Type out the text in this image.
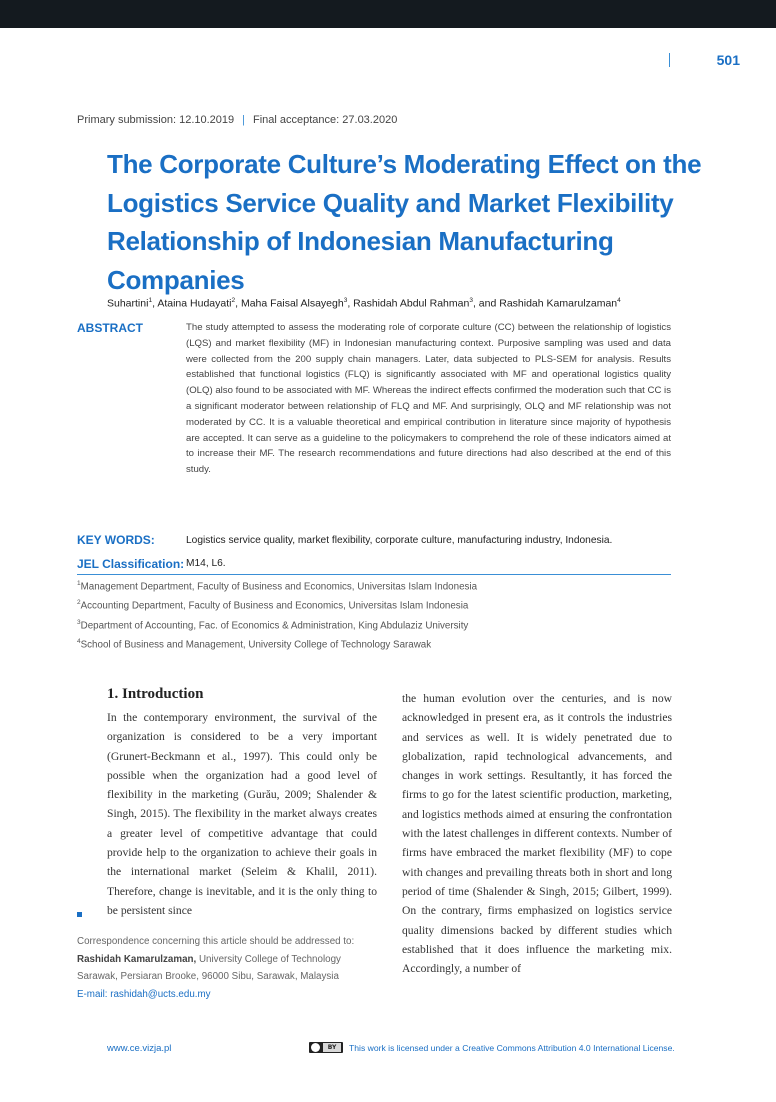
501
Primary submission: 12.10.2019 | Final acceptance: 27.03.2020
The Corporate Culture’s Moderating Effect on the Logistics Service Quality and Market Flexibility Relationship of Indonesian Manufacturing Companies
Suhartini$^1$, Ataina Hudayati$^2$, Maha Faisal Alsayegh$^3$, Rashidah Abdul Rahman$^3$, and Rashidah Kamarulzaman$^4$
ABSTRACT	The study attempted to assess the moderating role of corporate culture (CC) between the relationship of logistics (LQS) and market flexibility (MF) in Indonesian manufacturing context. Purposive sampling was used and data were collected from the 200 supply chain managers. Later, data subjected to PLS-SEM for analysis. Results established that functional logistics (FLQ) is significantly associated with MF and operational logistics quality (OLQ) also found to be associated with MF. Whereas the indirect effects confirmed the moderation such that CC is a significant moderator between relationship of FLQ and MF. And surprisingly, OLQ and MF relationship was not moderated by CC. It is a valuable theoretical and empirical contribution in literature since majority of hypothesis are accepted. It can serve as a guideline to the policymakers to comprehend the role of these indicators aimed at to increase their MF. The research recommendations and future directions had also described at the end of this study.

KEY WORDS:	Logistics service quality, market flexibility, corporate culture, manufacturing industry, Indonesia.
JEL Classification: M14, L6.
$^1$Management Department, Faculty of Business and Economics, Universitas Islam Indonesia
$^2$Accounting Department, Faculty of Business and Economics, Universitas Islam Indonesia
$^3$Department of Accounting, Fac. of Economics & Administration, King Abdulaziz University
$^4$School of Business and Management, University College of Technology Sarawak
1. Introduction

In the contemporary environment, the survival of the organization is considered to be a very important (Grunert-Beckmann et al., 1997). This could only be possible when the organization had a good level of flexibility in the marketing (Gurău, 2009; Shalender & Singh, 2015). The flexibility in the market always creates a greater level of competitive advantage that could provide help to the organization to achieve their goals in the international market (Seleim & Khalil, 2011). Therefore, change is inevitable, and it is the only thing to be persistent since

the human evolution over the centuries, and is now acknowledged in present era, as it controls the industries and services as well. It is widely penetrated due to globalization, rapid technological advancements, and changes in work settings. Resultantly, it has forced the firms to go for the latest scientific production, marketing, and logistics methods aimed at ensuring the confrontation with the latest challenges in different contexts. Number of firms have embraced the market flexibility (MF) to cope with changes and prevailing threats both in short and long period of time (Shalender & Singh, 2015; Gilbert, 1999). On the contrary, firms emphasized on logistics service quality dimensions backed by different studies which established that it does influence the marketing mix. Accordingly, a number of

Correspondence concerning this article should be addressed to: Rashidah Kamarulzaman, University College of Technology Sarawak, Persiaran Brooke, 96000 Sibu, Sarawak, Malaysia
E-mail: rashidah@ucts.edu.my

www.ce.vizja.pl	BY	This work is licensed under a Creative Commons Attribution 4.0 International License.
